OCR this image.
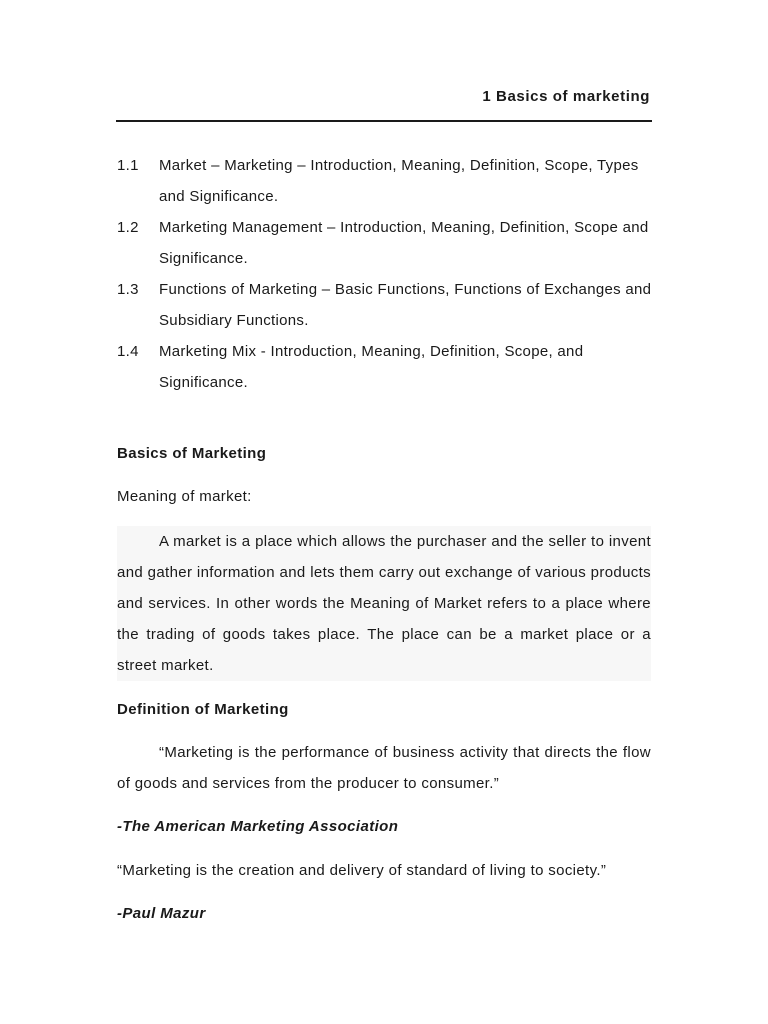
1 Basics of marketing
1.1	Market – Marketing – Introduction, Meaning, Definition, Scope, Types and Significance.
1.2	Marketing Management – Introduction, Meaning, Definition, Scope and Significance.
1.3	Functions of Marketing – Basic Functions, Functions of Exchanges and Subsidiary Functions.
1.4	Marketing Mix - Introduction, Meaning, Definition, Scope, and Significance.
Basics of Marketing
Meaning of market:
A market is a place which allows the purchaser and the seller to invent and gather information and lets them carry out exchange of various products and services. In other words the Meaning of Market refers to a place where the trading of goods takes place. The place can be a market place or a street market.
Definition of Marketing
“Marketing is the performance of business activity that directs the flow of goods and services from the producer to consumer.”
-The American Marketing Association
“Marketing is the creation and delivery of standard of living to society.”
-Paul Mazur
